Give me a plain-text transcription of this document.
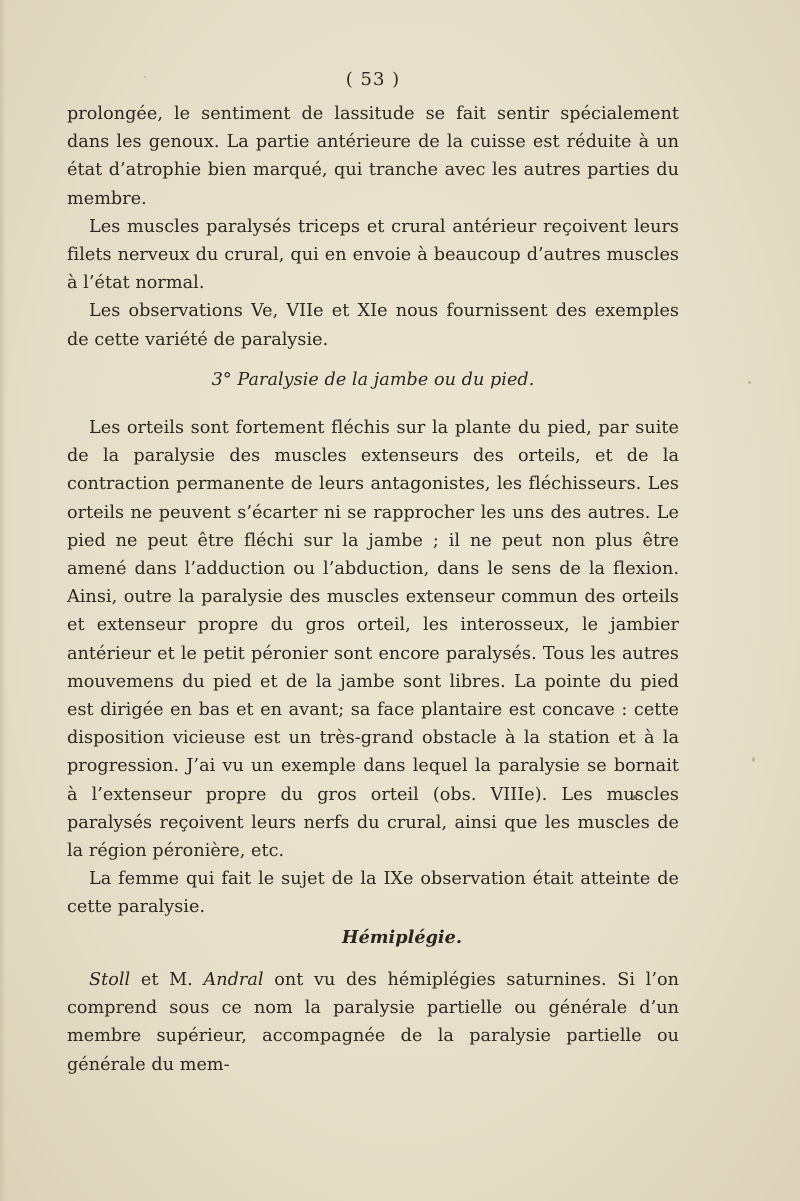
( 53 )

prolongée, le sentiment de lassitude se fait sentir spécialement dans les genoux. La partie antérieure de la cuisse est réduite à un état d’atrophie bien marqué, qui tranche avec les autres parties du membre.

Les muscles paralysés triceps et crural antérieur reçoivent leurs filets nerveux du crural, qui en envoie à beaucoup d’autres muscles à l’état normal.

Les observations Ve, VIIe et XIe nous fournissent des exemples de cette variété de paralysie.

3° Paralysie de la jambe ou du pied.

Les orteils sont fortement fléchis sur la plante du pied, par suite de la paralysie des muscles extenseurs des orteils, et de la contraction permanente de leurs antagonistes, les fléchisseurs. Les orteils ne peuvent s’écarter ni se rapprocher les uns des autres. Le pied ne peut être fléchi sur la jambe ; il ne peut non plus être amené dans l’adduction ou l’abduction, dans le sens de la flexion. Ainsi, outre la paralysie des muscles extenseur commun des orteils et extenseur propre du gros orteil, les interosseux, le jambier antérieur et le petit péronier sont encore paralysés. Tous les autres mouvemens du pied et de la jambe sont libres. La pointe du pied est dirigée en bas et en avant; sa face plantaire est concave : cette disposition vicieuse est un très-grand obstacle à la station et à la progression. J’ai vu un exemple dans lequel la paralysie se bornait à l’extenseur propre du gros orteil (obs. VIIIe). Les muscles paralysés reçoivent leurs nerfs du crural, ainsi que les muscles de la région péronière, etc.

La femme qui fait le sujet de la IXe observation était atteinte de cette paralysie.

Hémiplégie.

Stoll et M. Andral ont vu des hémiplégies saturnines. Si l’on comprend sous ce nom la paralysie partielle ou générale d’un membre supérieur, accompagnée de la paralysie partielle ou générale du mem-
